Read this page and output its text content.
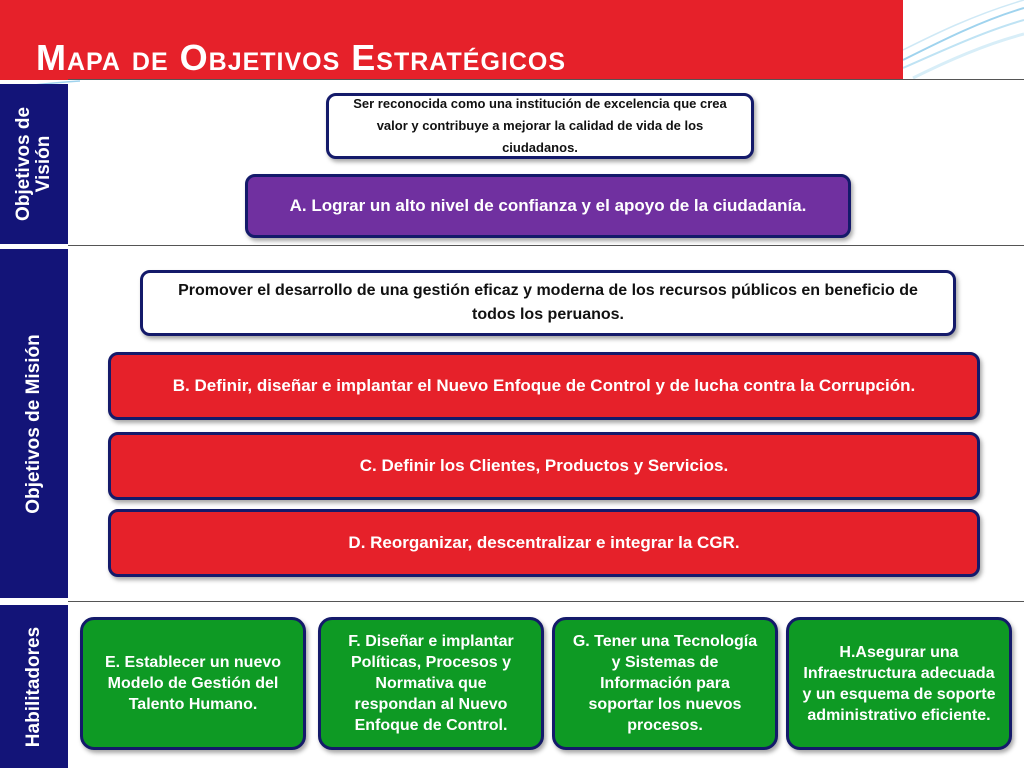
Mapa de Objetivos Estratégicos
Objetivos de Visión
Objetivos de Misión
Habilitadores
Ser reconocida como una institución de excelencia que crea valor y contribuye a mejorar la calidad de vida de los ciudadanos.
A. Lograr un alto nivel de confianza y el apoyo de la ciudadanía.
Promover el desarrollo de una gestión eficaz y moderna de los recursos públicos en beneficio de todos los peruanos.
B. Definir, diseñar e implantar el Nuevo Enfoque de Control y de lucha contra la Corrupción.
C. Definir los Clientes, Productos y Servicios.
D. Reorganizar, descentralizar e integrar la CGR.
E. Establecer un nuevo Modelo de Gestión del Talento Humano.
F. Diseñar e implantar Políticas, Procesos y Normativa que respondan al Nuevo Enfoque de Control.
G. Tener una Tecnología y Sistemas de Información para soportar los nuevos procesos.
H.Asegurar una Infraestructura adecuada y un esquema de soporte administrativo eficiente.
